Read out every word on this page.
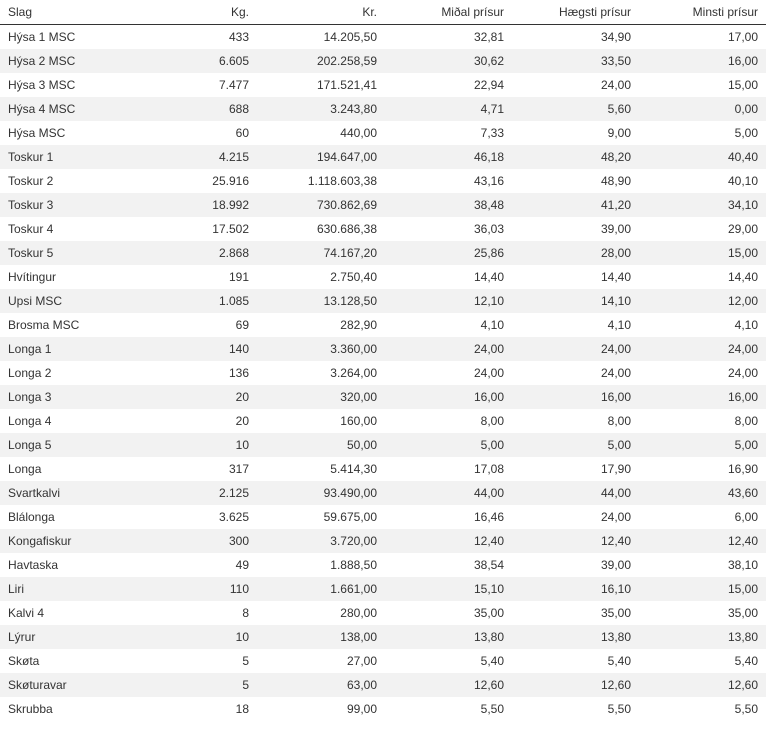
Slag	Kg.	Kr.	Miðal prísur	Hægsti prísur	Minsti prísur
Hýsa 1 MSC	433	14.205,50	32,81	34,90	17,00
Hýsa 2 MSC	6.605	202.258,59	30,62	33,50	16,00
Hýsa 3 MSC	7.477	171.521,41	22,94	24,00	15,00
Hýsa 4 MSC	688	3.243,80	4,71	5,60	0,00
Hýsa MSC	60	440,00	7,33	9,00	5,00
Toskur 1	4.215	194.647,00	46,18	48,20	40,40
Toskur 2	25.916	1.118.603,38	43,16	48,90	40,10
Toskur 3	18.992	730.862,69	38,48	41,20	34,10
Toskur 4	17.502	630.686,38	36,03	39,00	29,00
Toskur 5	2.868	74.167,20	25,86	28,00	15,00
Hvítingur	191	2.750,40	14,40	14,40	14,40
Upsi MSC	1.085	13.128,50	12,10	14,10	12,00
Brosma MSC	69	282,90	4,10	4,10	4,10
Longa 1	140	3.360,00	24,00	24,00	24,00
Longa 2	136	3.264,00	24,00	24,00	24,00
Longa 3	20	320,00	16,00	16,00	16,00
Longa 4	20	160,00	8,00	8,00	8,00
Longa 5	10	50,00	5,00	5,00	5,00
Longa	317	5.414,30	17,08	17,90	16,90
Svartkalvi	2.125	93.490,00	44,00	44,00	43,60
Blálonga	3.625	59.675,00	16,46	24,00	6,00
Kongafiskur	300	3.720,00	12,40	12,40	12,40
Havtaska	49	1.888,50	38,54	39,00	38,10
Liri	110	1.661,00	15,10	16,10	15,00
Kalvi 4	8	280,00	35,00	35,00	35,00
Lýrur	10	138,00	13,80	13,80	13,80
Skøta	5	27,00	5,40	5,40	5,40
Skøturavar	5	63,00	12,60	12,60	12,60
Skrubba	18	99,00	5,50	5,50	5,50
